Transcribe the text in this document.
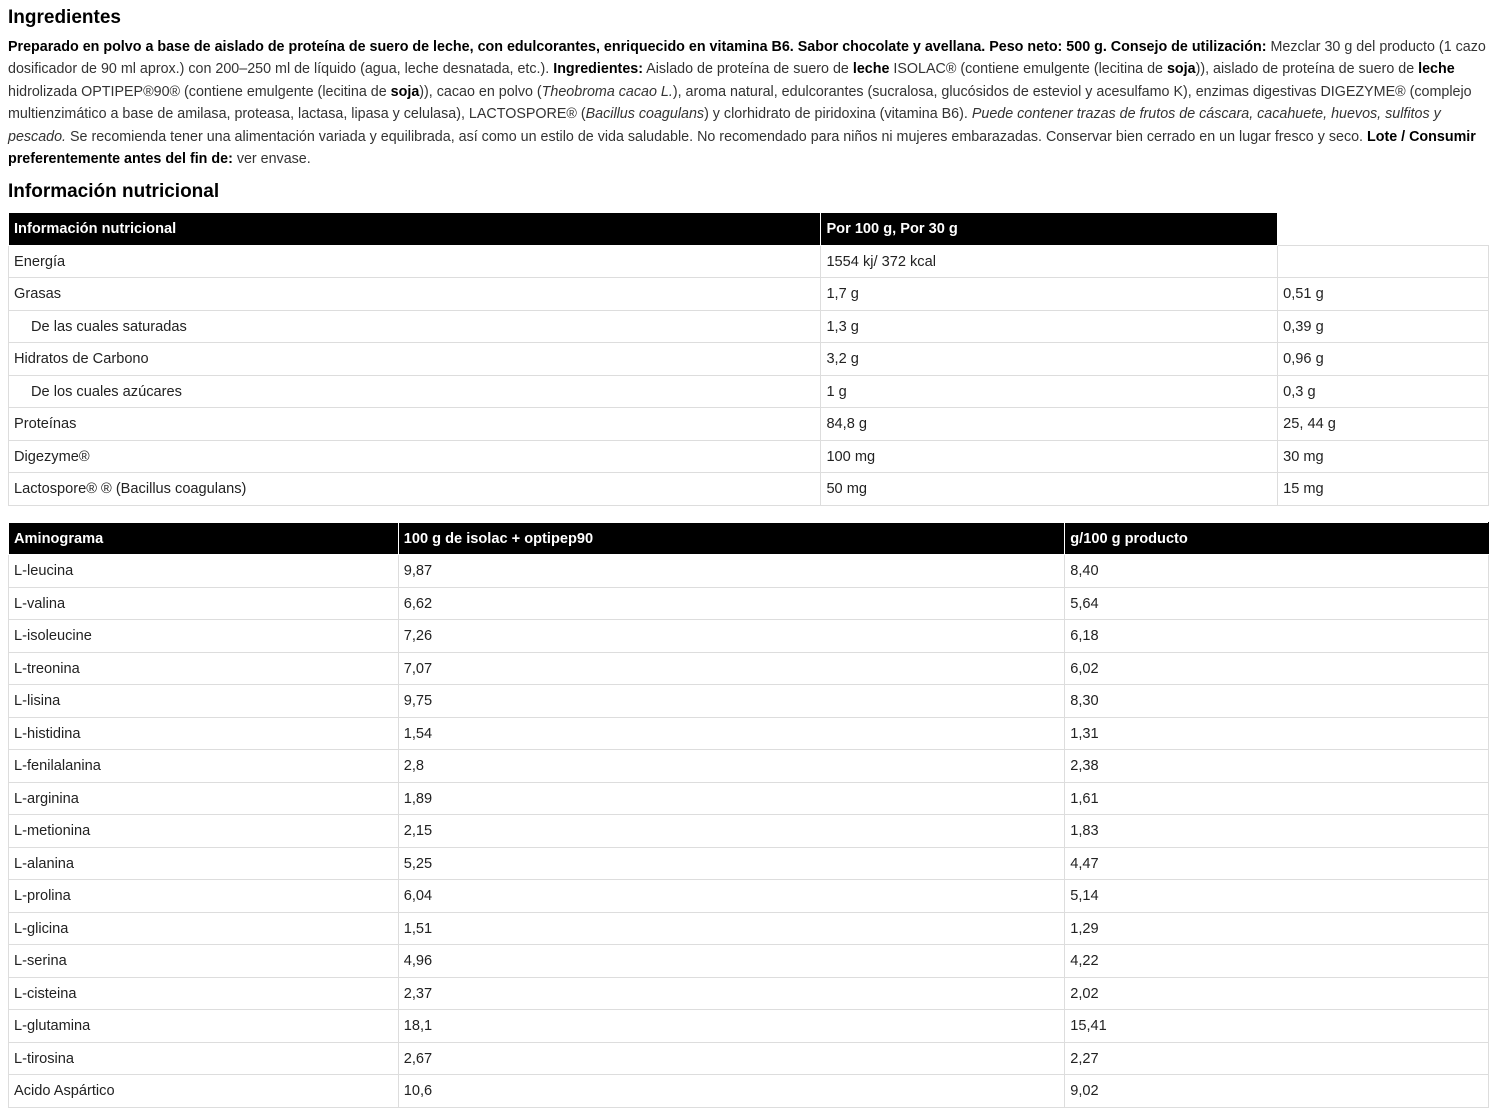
Ingredientes

Preparado en polvo a base de aislado de proteína de suero de leche, con edulcorantes, enriquecido en vitamina B6. Sabor chocolate y avellana. Peso neto: 500 g. Consejo de utilización: Mezclar 30 g del producto (1 cazo dosificador de 90 ml aprox.) con 200–250 ml de líquido (agua, leche desnatada, etc.). Ingredientes: Aislado de proteína de suero de leche ISOLAC® (contiene emulgente (lecitina de soja)), aislado de proteína de suero de leche hidrolizada OPTIPEP®90® (contiene emulgente (lecitina de soja)), cacao en polvo (Theobroma cacao L.), aroma natural, edulcorantes (sucralosa, glucósidos de esteviol y acesulfamo K), enzimas digestivas DIGEZYME® (complejo multienzimático a base de amilasa, proteasa, lactasa, lipasa y celulasa), LACTOSPORE® (Bacillus coagulans) y clorhidrato de piridoxina (vitamina B6). Puede contener trazas de frutos de cáscara, cacahuete, huevos, sulfitos y pescado. Se recomienda tener una alimentación variada y equilibrada, así como un estilo de vida saludable. No recomendado para niños ni mujeres embarazadas. Conservar bien cerrado en un lugar fresco y seco. Lote / Consumir preferentemente antes del fin de: ver envase.

Información nutricional
Información nutricional	Por 100 g, Por 30 g	
Energía	1554 kj/ 372 kcal	
Grasas	1,7 g	0,51 g
De las cuales saturadas	1,3 g	0,39 g
Hidratos de Carbono	3,2 g	0,96 g
De los cuales azúcares	1 g	0,3 g
Proteínas	84,8 g	25, 44 g
Digezyme®	100 mg	30 mg
Lactospore® ® (Bacillus coagulans)	50 mg	15 mg
Aminograma	100 g de isolac + optipep90	g/100 g producto
L-leucina	9,87	8,40
L-valina	6,62	5,64
L-isoleucine	7,26	6,18
L-treonina	7,07	6,02
L-lisina	9,75	8,30
L-histidina	1,54	1,31
L-fenilalanina	2,8	2,38
L-arginina	1,89	1,61
L-metionina	2,15	1,83
L-alanina	5,25	4,47
L-prolina	6,04	5,14
L-glicina	1,51	1,29
L-serina	4,96	4,22
L-cisteina	2,37	2,02
L-glutamina	18,1	15,41
L-tirosina	2,67	2,27
Acido Aspártico	10,6	9,02
